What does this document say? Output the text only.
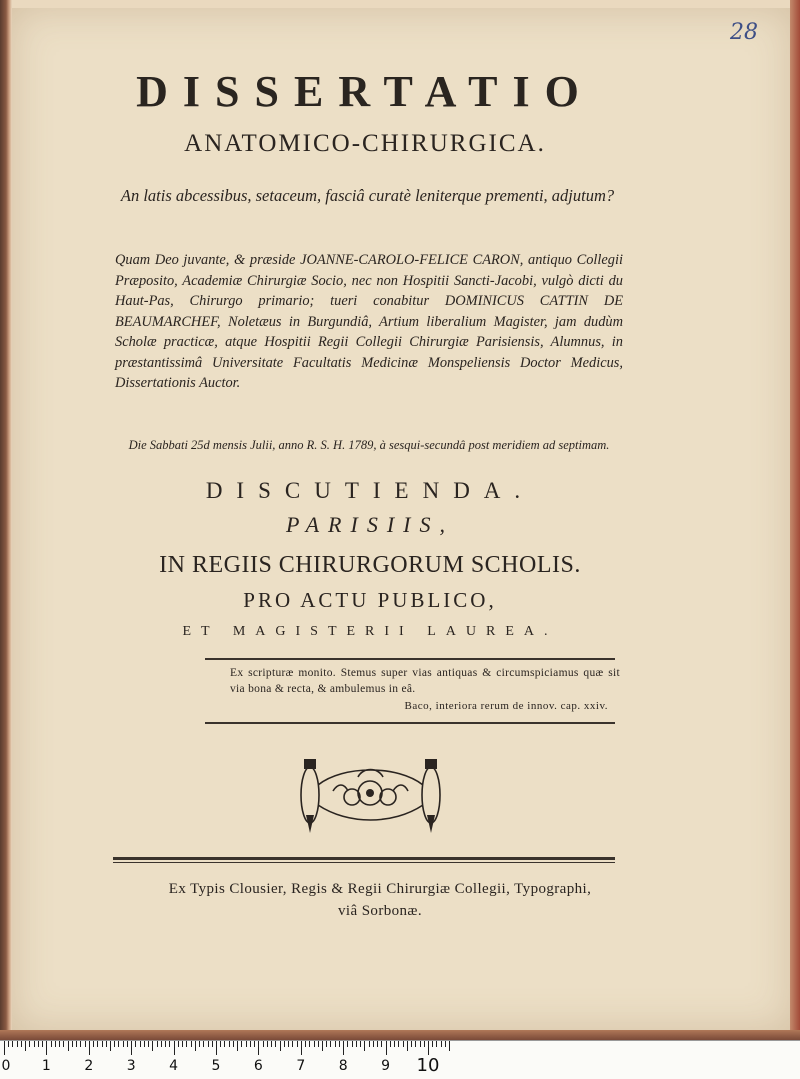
28
DISSERTATIO
ANATOMICO-CHIRURGICA.
An latis abcessibus, setaceum, fasciâ curatè leniterque prementi, adjutum?
Quam Deo juvante, & præside JOANNE-CAROLO-FELICE CARON, antiquo Collegii Præposito, Academiæ Chirurgiæ Socio, nec non Hospitii Sancti-Jacobi, vulgò dicti du Haut-Pas, Chirurgo primario; tueri conabitur DOMINICUS CATTIN DE BEAUMARCHEF, Noletæus in Burgundiâ, Artium liberalium Magister, jam dudùm Scholæ practicæ, atque Hospitii Regii Collegii Chirurgiæ Parisiensis, Alumnus, in præstantissimâ Universitate Facultatis Medicinæ Monspeliensis Doctor Medicus, Dissertationis Auctor.
Die Sabbati 25d mensis Julii, anno R. S. H. 1789, à sesqui-secundâ post meridiem ad septimam.
DISCUTIENDA.
PARISIIS,
IN REGIIS CHIRURGORUM SCHOLIS.
PRO ACTU PUBLICO,
ET MAGISTERII LAUREA.
Ex scripturæ monito. Stemus super vias antiquas & circumspiciamus quæ sit via bona & recta, & ambulemus in eâ.
Baco, interiora rerum de innov. cap. xxiv.
Ex Typis Clousier, Regis & Regii Chirurgiæ Collegii, Typographi,
viâ Sorbonæ.
0 1 2 3 4 5 6 7 8 9 10
